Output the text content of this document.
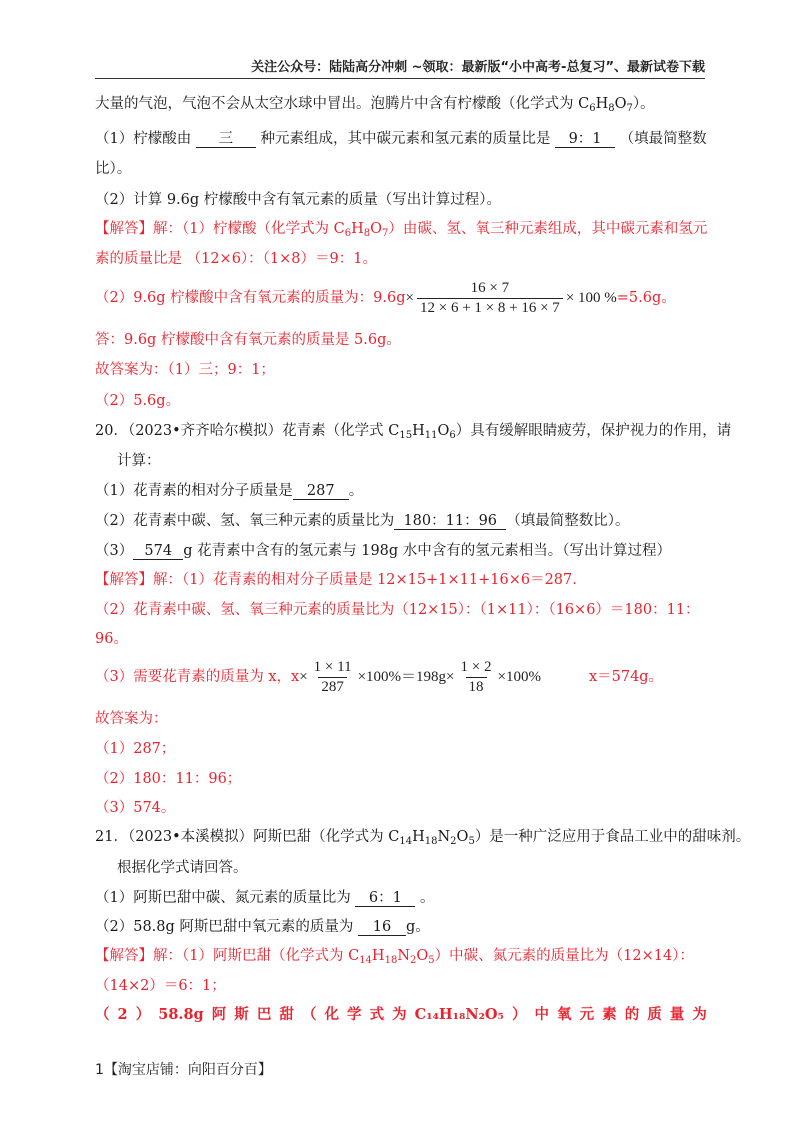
关注公众号：陆陆高分冲刺 ~领取：最新版“小中高考-总复习”、最新试卷下载
大量的气泡，气泡不会从太空水球中冒出。泡腾片中含有柠檬酸（化学式为 $C_6H_8O_7$）。
（1）柠檬酸由 三 种元素组成，其中碳元素和氢元素的质量比是 9：1 （填最简整数
比）。
（2）计算 9.6g 柠檬酸中含有氧元素的质量（写出计算过程）。
【解答】解：（1）柠檬酸（化学式为 $C_6H_8O_7$）由碳、氢、氧三种元素组成，其中碳元素和氢元
素的质量比是 （12×6）：（1×8）＝9：1。
（2）9.6g 柠檬酸中含有氧元素的质量为：$9.6g\times \frac{16 \times 7}{12 \times 6 + 1 \times 8 + 16 \times 7} \times 100$ %=5.6g。
答：9.6g 柠檬酸中含有氧元素的质量是 5.6g。
故答案为：（1）三；9：1；
（2）5.6g。
20．（2023•齐齐哈尔模拟）花青素（化学式 $C_{15}H_{11}O_6$）具有缓解眼睛疲劳，保护视力的作用，请
计算：
（1）花青素的相对分子质量是 287 。
（2）花青素中碳、氢、氧三种元素的质量比为 180：11：96 （填最简整数比）。
（3） 574 g 花青素中含有的氢元素与 198g 水中含有的氢元素相当。（写出计算过程）
【解答】解：（1）花青素的相对分子质量是 12×15+1×11+16×6＝287.
（2）花青素中碳、氢、氧三种元素的质量比为（12×15）：（1×11）：（16×6）＝180：11：
96。
（3）需要花青素的质量为 x，$x\times \frac{1 \times 11}{287} \times 100\%=198g\times \frac{1 \times 2}{18} \times 100\%$	x＝574g。
故答案为：
（1）287；
（2）180：11：96；
（3）574。
21．（2023•本溪模拟）阿斯巴甜（化学式为 $C_{14}H_{18}N_2O_5$）是一种广泛应用于食品工业中的甜味剂。
根据化学式请回答。
（1）阿斯巴甜中碳、氮元素的质量比为 6：1 。
（2）58.8g 阿斯巴甜中氧元素的质量为 16 g。
【解答】解：（1）阿斯巴甜（化学式为 $C_{14}H_{18}N_2O_5$）中碳、氮元素的质量比为（12×14）：
（14×2）＝6：1；
（ 2 ） 58.8g 阿 斯 巴 甜 （ 化 学 式 为 C₁₄H₁₈N₂O₅ ） 中 氧 元 素 的 质 量 为
1【淘宝店铺：向阳百分百】
